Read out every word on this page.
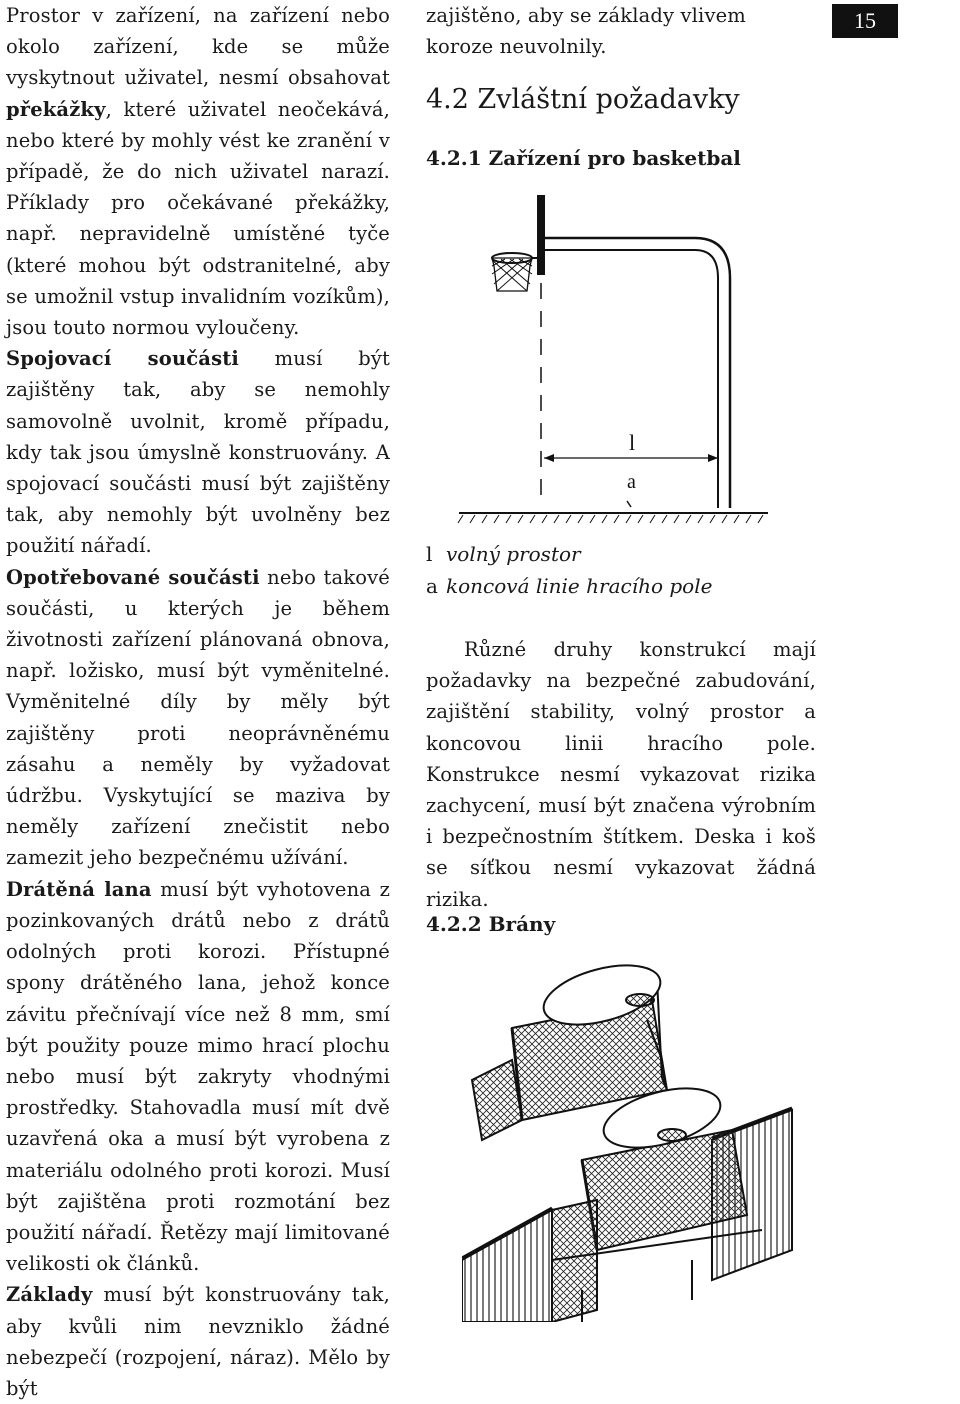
15

Prostor v zařízení, na zařízení nebo okolo zařízení, kde se může vyskytnout uživatel, nesmí obsahovat překážky, které uživatel neočekává, nebo které by mohly vést ke zranění v případě, že do nich uživatel narazí. Příklady pro očekávané překážky, např. nepravidelně umístěné tyče (které mohou být odstranitelné, aby se umožnil vstup invalidním vozíkům), jsou touto normou vyloučeny.

Spojovací součásti musí být zajištěny tak, aby se nemohly samovolně uvolnit, kromě případu, kdy tak jsou úmyslně konstruovány. A spojovací součásti musí být zajištěny tak, aby nemohly být uvolněny bez použití nářadí.

Opotřebované součásti nebo takové součásti, u kterých je během životnosti zařízení plánovaná obnova, např. ložisko, musí být vyměnitelné. Vyměnitelné díly by měly být zajištěny proti neoprávněnému zásahu a neměly by vyžadovat údržbu. Vyskytující se maziva by neměly zařízení znečistit nebo zamezit jeho bezpečnému užívání.

Drátěná lana musí být vyhotovena z pozinkovaných drátů nebo z drátů odolných proti korozi. Přístupné spony drátěného lana, jehož konce závitu přečnívají více než 8 mm, smí být použity pouze mimo hrací plochu nebo musí být zakryty vhodnými prostředky. Stahovadla musí mít dvě uzavřená oka a musí být vyrobena z materiálu odolného proti korozi. Musí být zajištěna proti rozmotání bez použití nářadí. Řetězy mají limitované velikosti ok článků.

Základy musí být konstruovány tak, aby kvůli nim nevzniklo žádné nebezpečí (rozpojení, náraz). Mělo by být

zajištěno, aby se základy vlivem koroze neuvolnily.

4.2 Zvláštní požadavky
4.2.1 Zařízení pro basketbal
l
a
l volný prostor
a koncová linie hracího pole

Různé druhy konstrukcí mají požadavky na bezpečné zabudování, zajištění stability, volný prostor a koncovou linii hracího pole. Konstrukce nesmí vykazovat rizika zachycení, musí být značena výrobním i bezpečnostním štítkem. Deska i koš se síťkou nesmí vykazovat žádná rizika.

4.2.2 Brány
